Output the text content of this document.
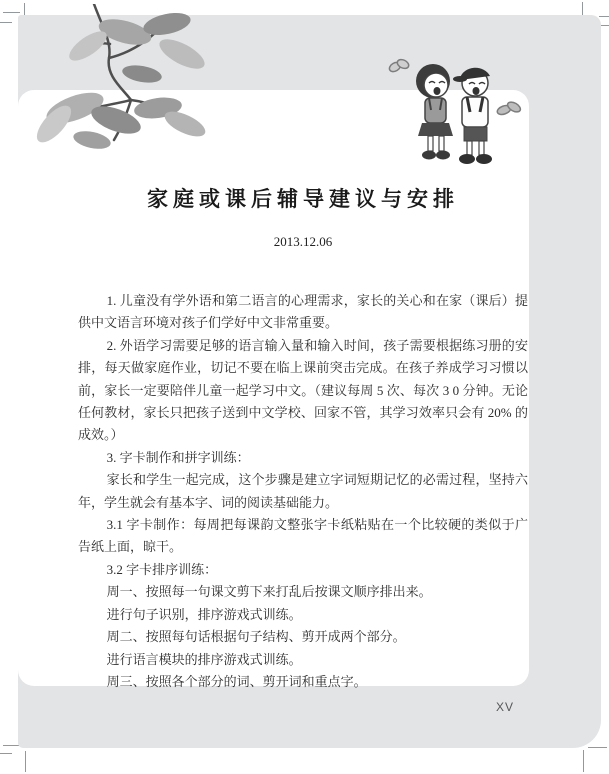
家庭或课后辅导建议与安排
2013.12.06

1. 儿童没有学外语和第二语言的心理需求，家长的关心和在家（课后）提供中文语言环境对孩子们学好中文非常重要。

2. 外语学习需要足够的语言输入量和输入时间，孩子需要根据练习册的安排，每天做家庭作业，切记不要在临上课前突击完成。在孩子养成学习习惯以前，家长一定要陪伴儿童一起学习中文。（建议每周 5 次、每次 3 0 分钟。无论任何教材，家长只把孩子送到中文学校、回家不管，其学习效率只会有 20% 的成效。）

3. 字卡制作和拼字训练：

家长和学生一起完成，这个步骤是建立字词短期记忆的必需过程，坚持六年，学生就会有基本字、词的阅读基础能力。

3.1 字卡制作：每周把每课韵文整张字卡纸粘贴在一个比较硬的类似于广告纸上面，晾干。

3.2 字卡排序训练：

周一、按照每一句课文剪下来打乱后按课文顺序排出来。

进行句子识别，排序游戏式训练。

周二、按照每句话根据句子结构、剪开成两个部分。

进行语言模块的排序游戏式训练。

周三、按照各个部分的词、剪开词和重点字。

XV
